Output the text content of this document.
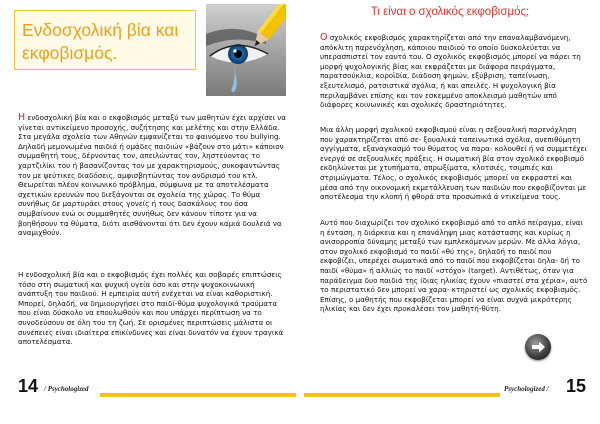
Ενδοσχολική βία και εκφοβισμός.

Η ενδοσχολική βία και ο εκφοβισμός μεταξύ των μαθητών έχει αρχίσει να γίνεται αντικείμενο προσοχής, συζήτησης και μελέτης και στην Ελλάδα. Στα μεγάλα σχολεία των Αθηνών εμφανίζεται το φαινόμενο του bullying. Δηλαδή μεμονωμένα παιδιά ή ομάδες παιδιών «βάζουν στο μάτι» κάποιον συμμαθητή τους, δέρνοντας τον, απειλώντας τον, ληστεύοντας το χαρτζιλίκι του ή βασανίζοντας τον με χαρακτηρισμούς, συκοφαντώντας τον με ψεύτικες διαδόσεις, αμφισβητώντας τον ανδρισμό του κτλ. Θεωρείται πλέον κοινωνικό πρόβλημα, σύμφωνα με τα αποτελέσματα σχετικών ερευνών που διεξάγονται σε σχολεία της χώρας. Το θύμα συνήθως δε μαρτυράει στους γονείς ή τους δασκάλους του όσα συμβαίνουν ενώ οι συμμαθητές συνήθως δεν κάνουν τίποτε για να βοηθήσουν τα θύματα, διότι αισθάνονται ότι δεν έχουν καμιά δουλειά να αναμιχθούν.

Η ενδοσχολική βία και ο εκφοβισμός έχει πολλές και σοβαρές επιπτώσεις τόσο στη σωματική και ψυχική υγεία όσο και στην ψυχοκοινωνική ανάπτυξη του παιδιού. Η εμπειρία αυτή ενέχεται να είναι καθοριστική. Μπορεί, δηλαδή, να δημιουργήσει στο παιδί-θύμα ψυχολογικά τραύματα που είναι δύσκολο να επουλωθούν και που υπάρχει περίπτωση να το συνοδεύσουν σε όλη του τη ζωή. Σε ορισμένες περιπτώσεις μάλιστα οι συνέπειες είναι ιδιαίτερα επικίνδυνες και είναι δυνατόν να έχουν τραγικά αποτελέσματα.

14 / Psychologized
Τι είναι ο σχολικός εκφοβισμός;

Ο σχολικός εκφοβισμός χαρακτηρίζεται από την επαναλαμβανόμενη, απόκλιτη παρενόχληση, κάποιου παιδιού το οποίο δυσκολεύεται να υπερασπιστεί τον εαυτό του. Ο σχολικός εκφοβισμός μπορεί να πάρει τη μορφή ψυχολογικής βίας και εκφράζεται με διάφορα πειράγματα, παρατσούκλια, κοροϊδία, διάδοση φημών, εξύβριση, ταπείνωση, εξευτελισμό, ρατσιστικά σχόλια, ή και απειλές. Η ψυχολογική βία περιλαμβάνει επίσης και τον εσκεμμένο αποκλεισμό μαθητών από διάφορες κοινωνικές και σχολικές δραστηριότητες.

Μια άλλη μορφή σχολικού εκφοβισμού είναι η σεξουαλική παρενόχληση που χαρακτηρίζεται από σε- ξουαλικά ταπεινωτικά σχόλια, ανεπιθύμητη αγγίγματα, εξαναγκασμό του θύματος να παρα- κολουθεί ή να συμμετέχει ενεργά σε σεξουαλικές πράξεις. Η σωματική βία στον σχολικό εκφοβισμό εκδηλώνεται με χτυπήματα, σπρωξίματα, κλοτσιές, τσιμπιές και στριμώγματα. Τέλος, ο σχολικός εκφοβισμός μπορεί να εκφραστεί και μέσα από την οικονομική εκμετάλλευση των παιδιών που εκφοβίζονται με αποτέλεσμα την κλοπή ή φθορά στα προσωπικά ά ντικείμενα τους.

Αυτό που διαχωρίζει τον σχολικό εκφοβισμό από το απλό πείραγμα, είναι η ένταση, η διάρκεια και η επανάληψη μιας κατάστασης και κυρίως η ανισορροπία δύναμης μεταξύ των εμπλεκόμενων μερών. Με άλλα λόγια, στον σχολικό εκφοβισμό το παιδί «θύ της», δηλαδή το παιδί που εκφοβίζει, υπερέχει σωματικά από το παιδί που εκφοβίζεται δηλα- δή το παιδί «θύμα» ή αλλιώς το παιδί «στόχο» (target). Αντιθέτως, όταν για παράδειγμα δυο παιδιά της ίδιας ηλικίας έχουν «πιαστεί στα χέρια», αυτό το περιστατικό δεν μπορεί να χαρα- κτηριστεί ως σχολικός εκφοβισμός. Επίσης, ο μαθητής που εκφοβίζεται μπορεί να είναι συχνά μικρότερης ηλικίας και δεν έχει προκαλέσει τον μαθητή-θύτη.

Psychologized / 15
